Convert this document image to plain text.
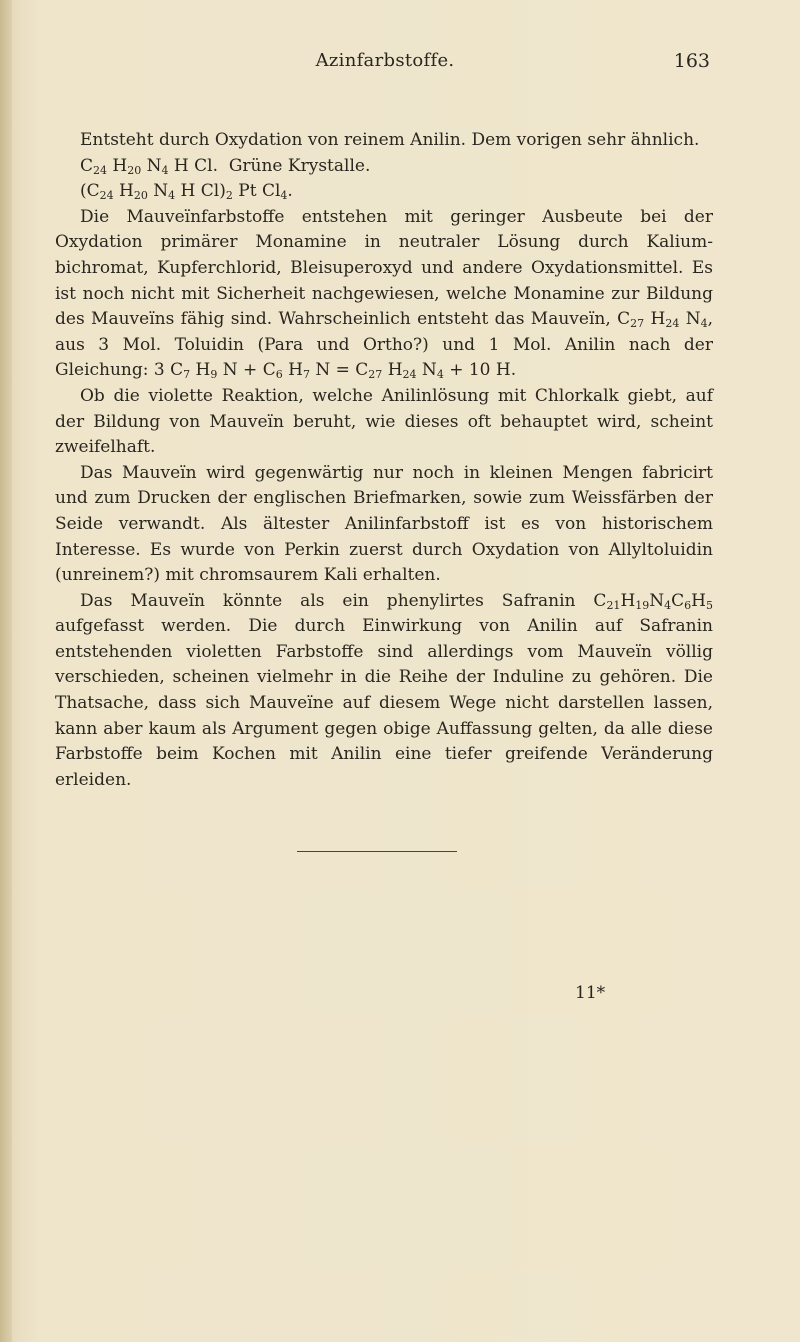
Azinfarbstoffe.	163

Entsteht durch Oxydation von reinem Anilin. Dem vorigen sehr ähnlich.

$C_{24}$ $H_{20}$ $N_4$ H Cl.  Grüne Krystalle.

($C_{24}$ $H_{20}$ $N_4$ H $Cl)_2$ Pt $Cl_4$.

Die Mauveïnfarbstoffe entstehen mit geringer Ausbeute bei der Oxydation primärer Monamine in neutraler Lösung durch Kaliumbichromat, Kupferchlorid, Bleisuperoxyd und andere Oxydationsmittel. Es ist noch nicht mit Sicherheit nachgewiesen, welche Monamine zur Bildung des Mauveïns fähig sind. Wahrscheinlich entsteht das Mauveïn, $C_{27}$ $H_{24}$ $N_4$, aus 3 Mol. Toluidin (Para und Ortho?) und 1 Mol. Anilin nach der Gleichung: 3 $C_7$ $H_9$ $N + C_6$ $H_7$ $N = C_{27}$ $H_{24}$ $N_4 + 10$ H.

Ob die violette Reaktion, welche Anilinlösung mit Chlorkalk giebt, auf der Bildung von Mauveïn beruht, wie dieses oft behauptet wird, scheint zweifelhaft.

Das Mauveïn wird gegenwärtig nur noch in kleinen Mengen fabricirt und zum Drucken der englischen Briefmarken, sowie zum Weissfärben der Seide verwandt. Als ältester Anilinfarbstoff ist es von historischem Interesse. Es wurde von Perkin zuerst durch Oxydation von Allyltoluidin (unreinem?) mit chromsaurem Kali erhalten.

Das Mauveïn könnte als ein phenylirtes Safranin $C_{21}H_{19}N_4C_6H_5$ aufgefasst werden. Die durch Einwirkung von Anilin auf Safranin entstehenden violetten Farbstoffe sind allerdings vom Mauveïn völlig verschieden, scheinen vielmehr in die Reihe der Induline zu gehören. Die Thatsache, dass sich Mauveïne auf diesem Wege nicht darstellen lassen, kann aber kaum als Argument gegen obige Auffassung gelten, da alle diese Farbstoffe beim Kochen mit Anilin eine tiefer greifende Veränderung erleiden.

11*
